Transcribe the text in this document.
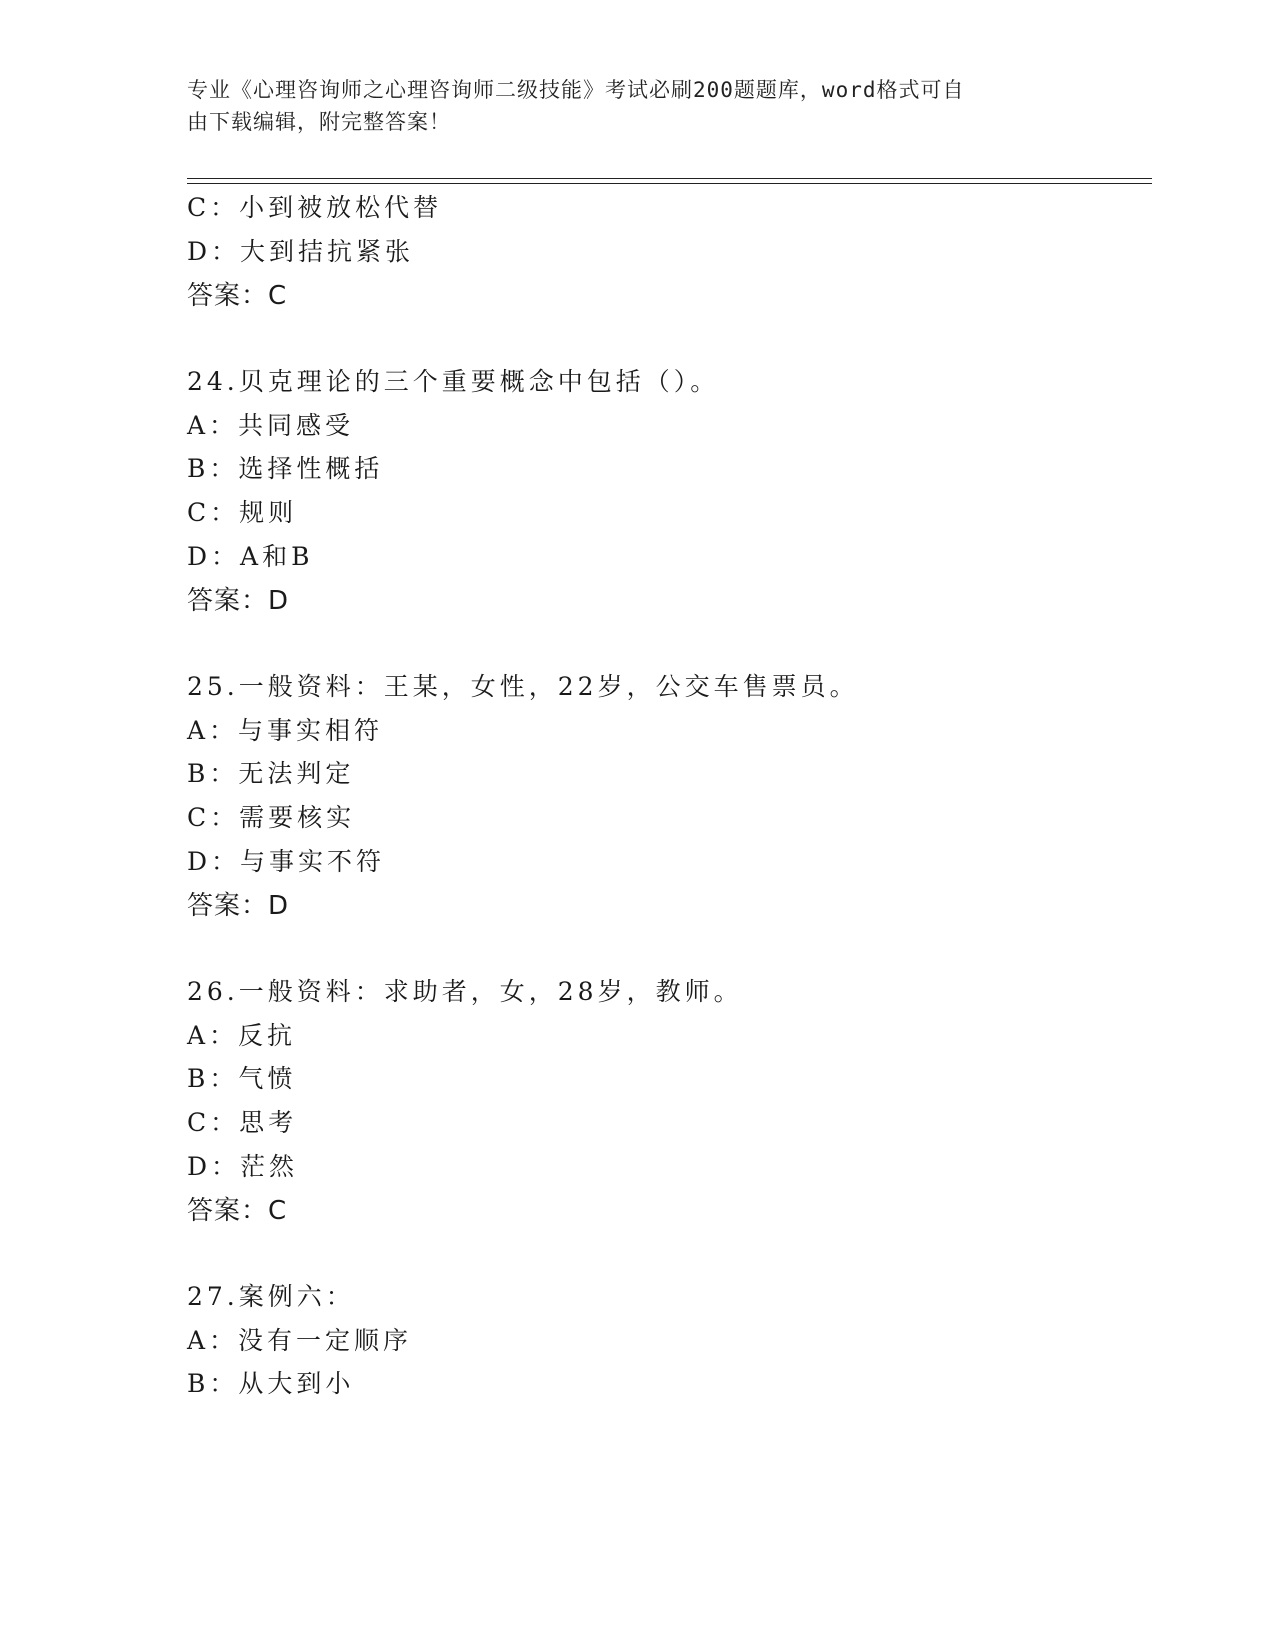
专业《心理咨询师之心理咨询师二级技能》考试必刷200题题库，word格式可自
由下载编辑，附完整答案！
C：小到被放松代替
D：大到拮抗紧张
答案：C
24.贝克理论的三个重要概念中包括（）。
A：共同感受
B：选择性概括
C：规则
D：A和B
答案：D
25.一般资料：王某，女性，22岁，公交车售票员。
A：与事实相符
B：无法判定
C：需要核实
D：与事实不符
答案：D
26.一般资料：求助者，女，28岁，教师。
A：反抗
B：气愤
C：思考
D：茫然
答案：C
27.案例六：
A：没有一定顺序
B：从大到小
